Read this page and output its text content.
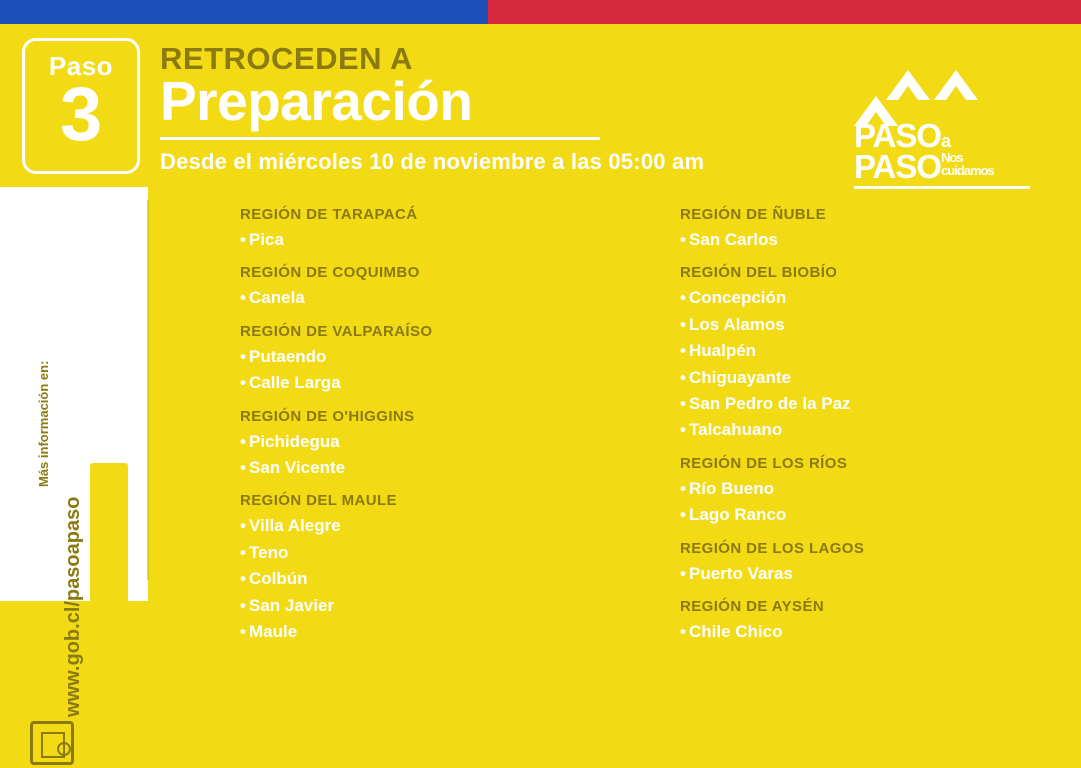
Paso
3
RETROCEDEN A
Preparación
Desde el miércoles 10 de noviembre a las 05:00 am
PASOa
PASONos
cuidamos
Más información en:
www.gob.cl/pasoapaso
#SigamosCuidándonos
REGIÓN DE TARAPACÁ
• Pica
REGIÓN DE COQUIMBO
• Canela
REGIÓN DE VALPARAÍSO
• Putaendo
• Calle Larga
REGIÓN DE O'HIGGINS
• Pichidegua
• San Vicente
REGIÓN DEL MAULE
• Villa Alegre
• Teno
• Colbún
• San Javier
• Maule
REGIÓN DE ÑUBLE
• San Carlos
REGIÓN DEL BIOBÍO
• Concepción
• Los Alamos
• Hualpén
• Chiguayante
• San Pedro de la Paz
• Talcahuano
REGIÓN DE LOS RÍOS
• Río Bueno
• Lago Ranco
REGIÓN DE LOS LAGOS
• Puerto Varas
REGIÓN DE AYSÉN
• Chile Chico
